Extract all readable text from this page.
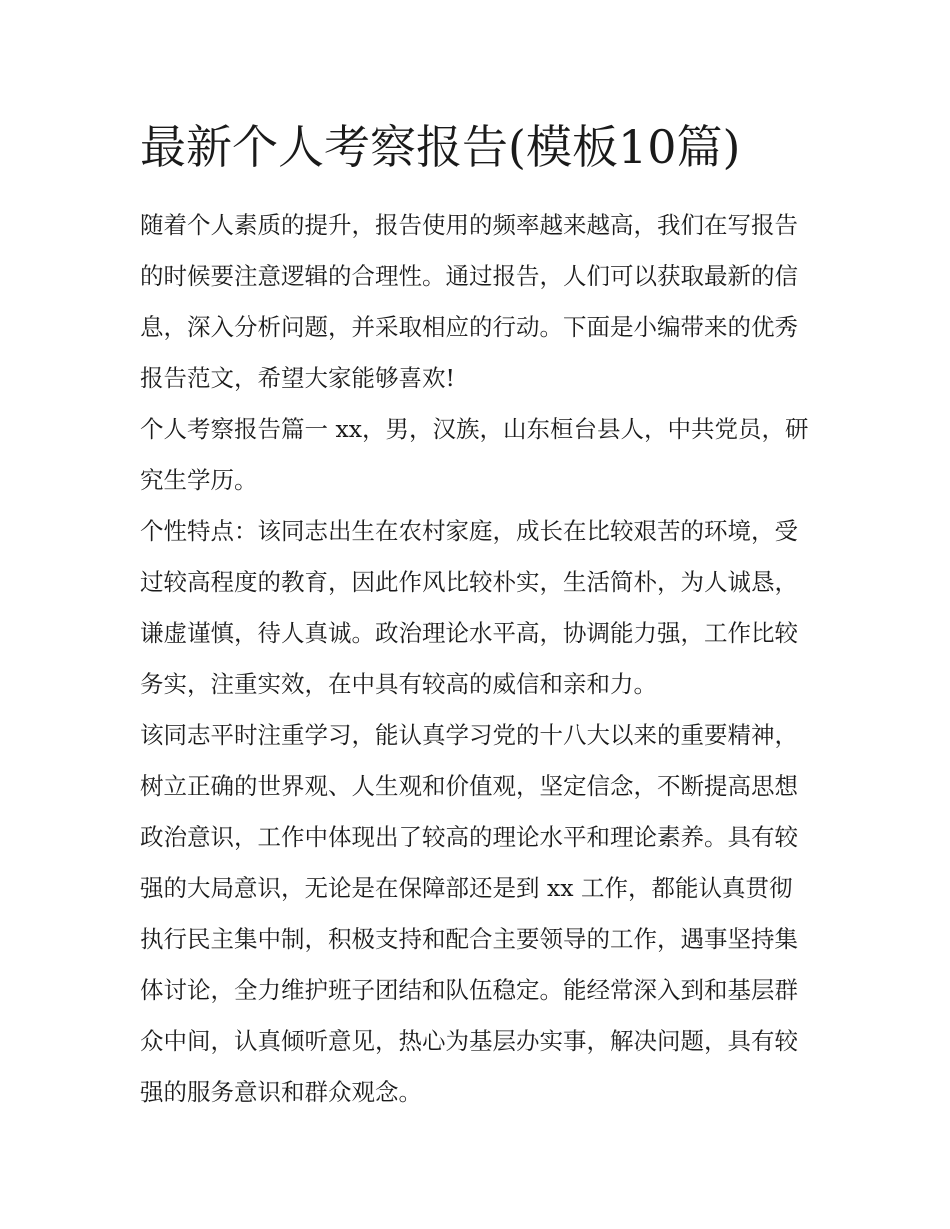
最新个人考察报告(模板10篇)

随着个人素质的提升，报告使用的频率越来越高，我们在写报告的时候要注意逻辑的合理性。通过报告，人们可以获取最新的信息，深入分析问题，并采取相应的行动。下面是小编带来的优秀报告范文，希望大家能够喜欢!

个人考察报告篇一 xx，男，汉族，山东桓台县人，中共党员，研究生学历。

个性特点：该同志出生在农村家庭，成长在比较艰苦的环境，受过较高程度的教育，因此作风比较朴实，生活简朴，为人诚恳，谦虚谨慎，待人真诚。政治理论水平高，协调能力强，工作比较务实，注重实效，在中具有较高的威信和亲和力。

该同志平时注重学习，能认真学习党的十八大以来的重要精神，树立正确的世界观、人生观和价值观，坚定信念，不断提高思想政治意识，工作中体现出了较高的理论水平和理论素养。具有较强的大局意识，无论是在保障部还是到 xx 工作，都能认真贯彻执行民主集中制，积极支持和配合主要领导的工作，遇事坚持集体讨论，全力维护班子团结和队伍稳定。能经常深入到和基层群众中间，认真倾听意见，热心为基层办实事，解决问题，具有较强的服务意识和群众观念。
